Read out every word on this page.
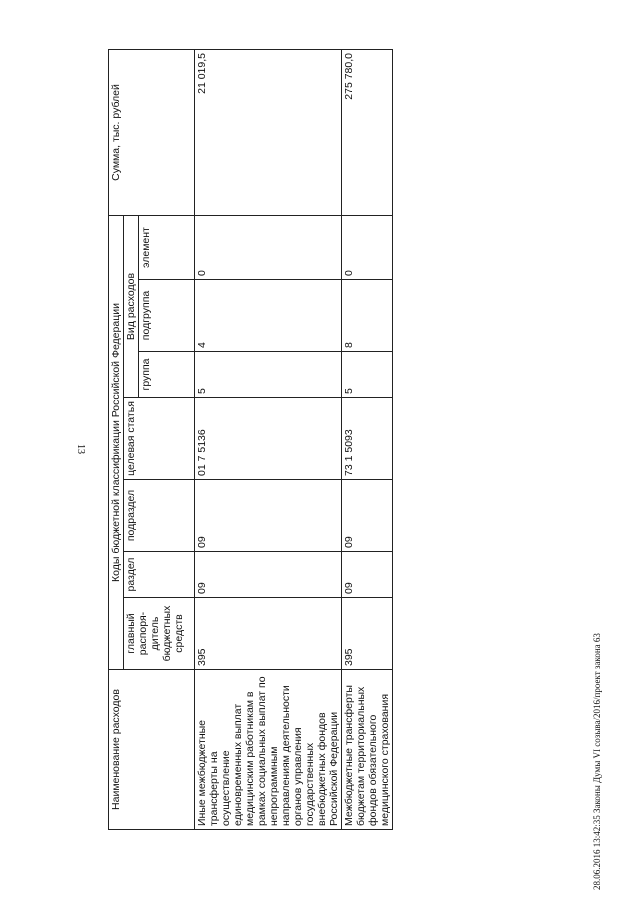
13
Наименование расходов	Коды бюджетной классификации Российской Федерации							Сумма, тыс. рублей
	главный распоря-дитель бюджетных средств	раздел	подраздел	целевая статья	Вид расходов			
					группа	подгруппа	элемент	
Иные межбюджетные трансферты на осуществление единовременных выплат медицинским работникам в рамках социальных выплат по непрограммным направлениям деятельности органов управления государственных внебюджетных фондов Российской Федерации	395	09	09	01 7 5136	5	4	0	21 019,5
Межбюджетные трансферты бюджетам территориальных фондов обязательного медицинского страхования	395	09	09	73 1 5093	5	8	0	275 780,0
28.06.2016 13:42:35 Законы Думы VI созыва/2016/проект закона 63
